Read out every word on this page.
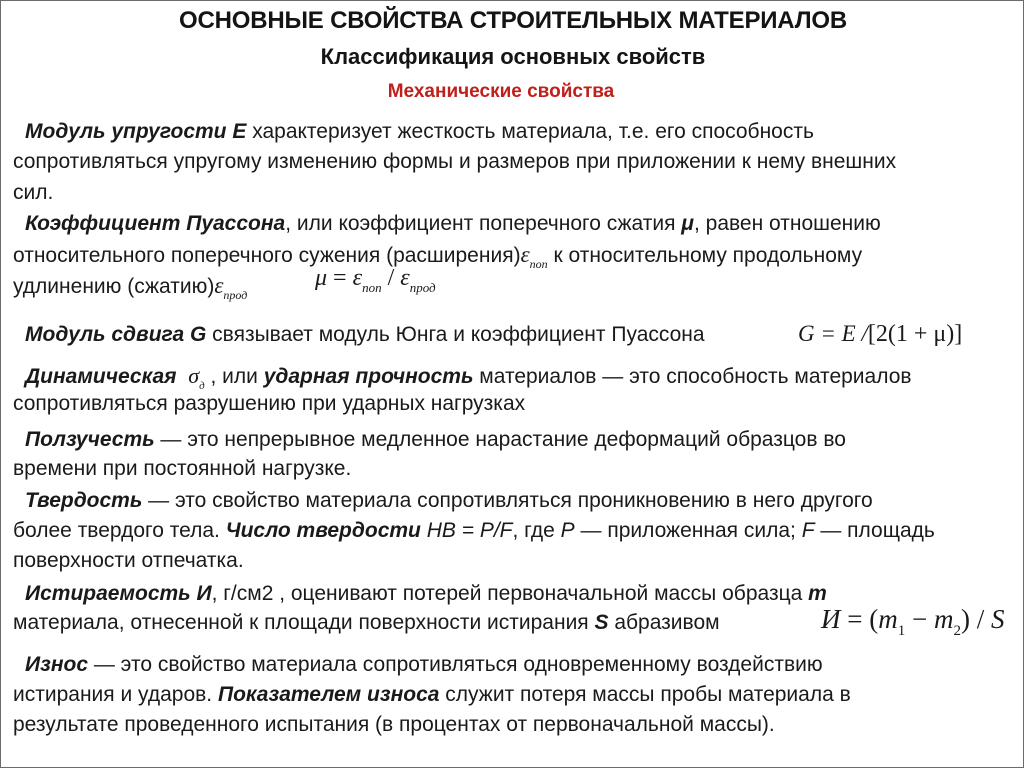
ОСНОВНЫЕ СВОЙСТВА СТРОИТЕЛЬНЫХ МАТЕРИАЛОВ
Классификация основных свойств
Механические свойства
Модуль упругости Е характеризует жесткость материала, т.е. его способность
сопротивляться упругому изменению формы и размеров при приложении к нему внешних
сил.
Коэффициент Пуассона, или коэффициент поперечного сжатия μ, равен отношению
относительного поперечного сужения $(расширения)\varepsilon_{поп}$ к относительному продольному
удлинению $(сжатию)\varepsilon_{прод}$
$\mu = \varepsilon_{поп} / \varepsilon_{прод}$
Модуль сдвига G связывает модуль Юнга и коэффициент Пуассона	G = E /[2(1 + μ)]
Динамическая $\sigma_д$ , или ударная прочность материалов — это способность материалов
сопротивляться разрушению при ударных нагрузках
Ползучесть — это непрерывное медленное нарастание деформаций образцов во
времени при постоянной нагрузке.
Твердость — это свойство материала сопротивляться проникновению в него другого
более твердого тела. Число твердости НВ = P/F, где Р — приложенная сила; F — площадь
поверхности отпечатка.
Истираемость И, г/см2 , оценивают потерей первоначальной массы образца т
материала, отнесенной к площади поверхности истирания S абразивом	$И = (m_1 - m_2) / S$
Износ — это свойство материала сопротивляться одновременному воздействию
истирания и ударов. Показателем износа служит потеря массы пробы материала в
результате проведенного испытания (в процентах от первоначальной массы).
